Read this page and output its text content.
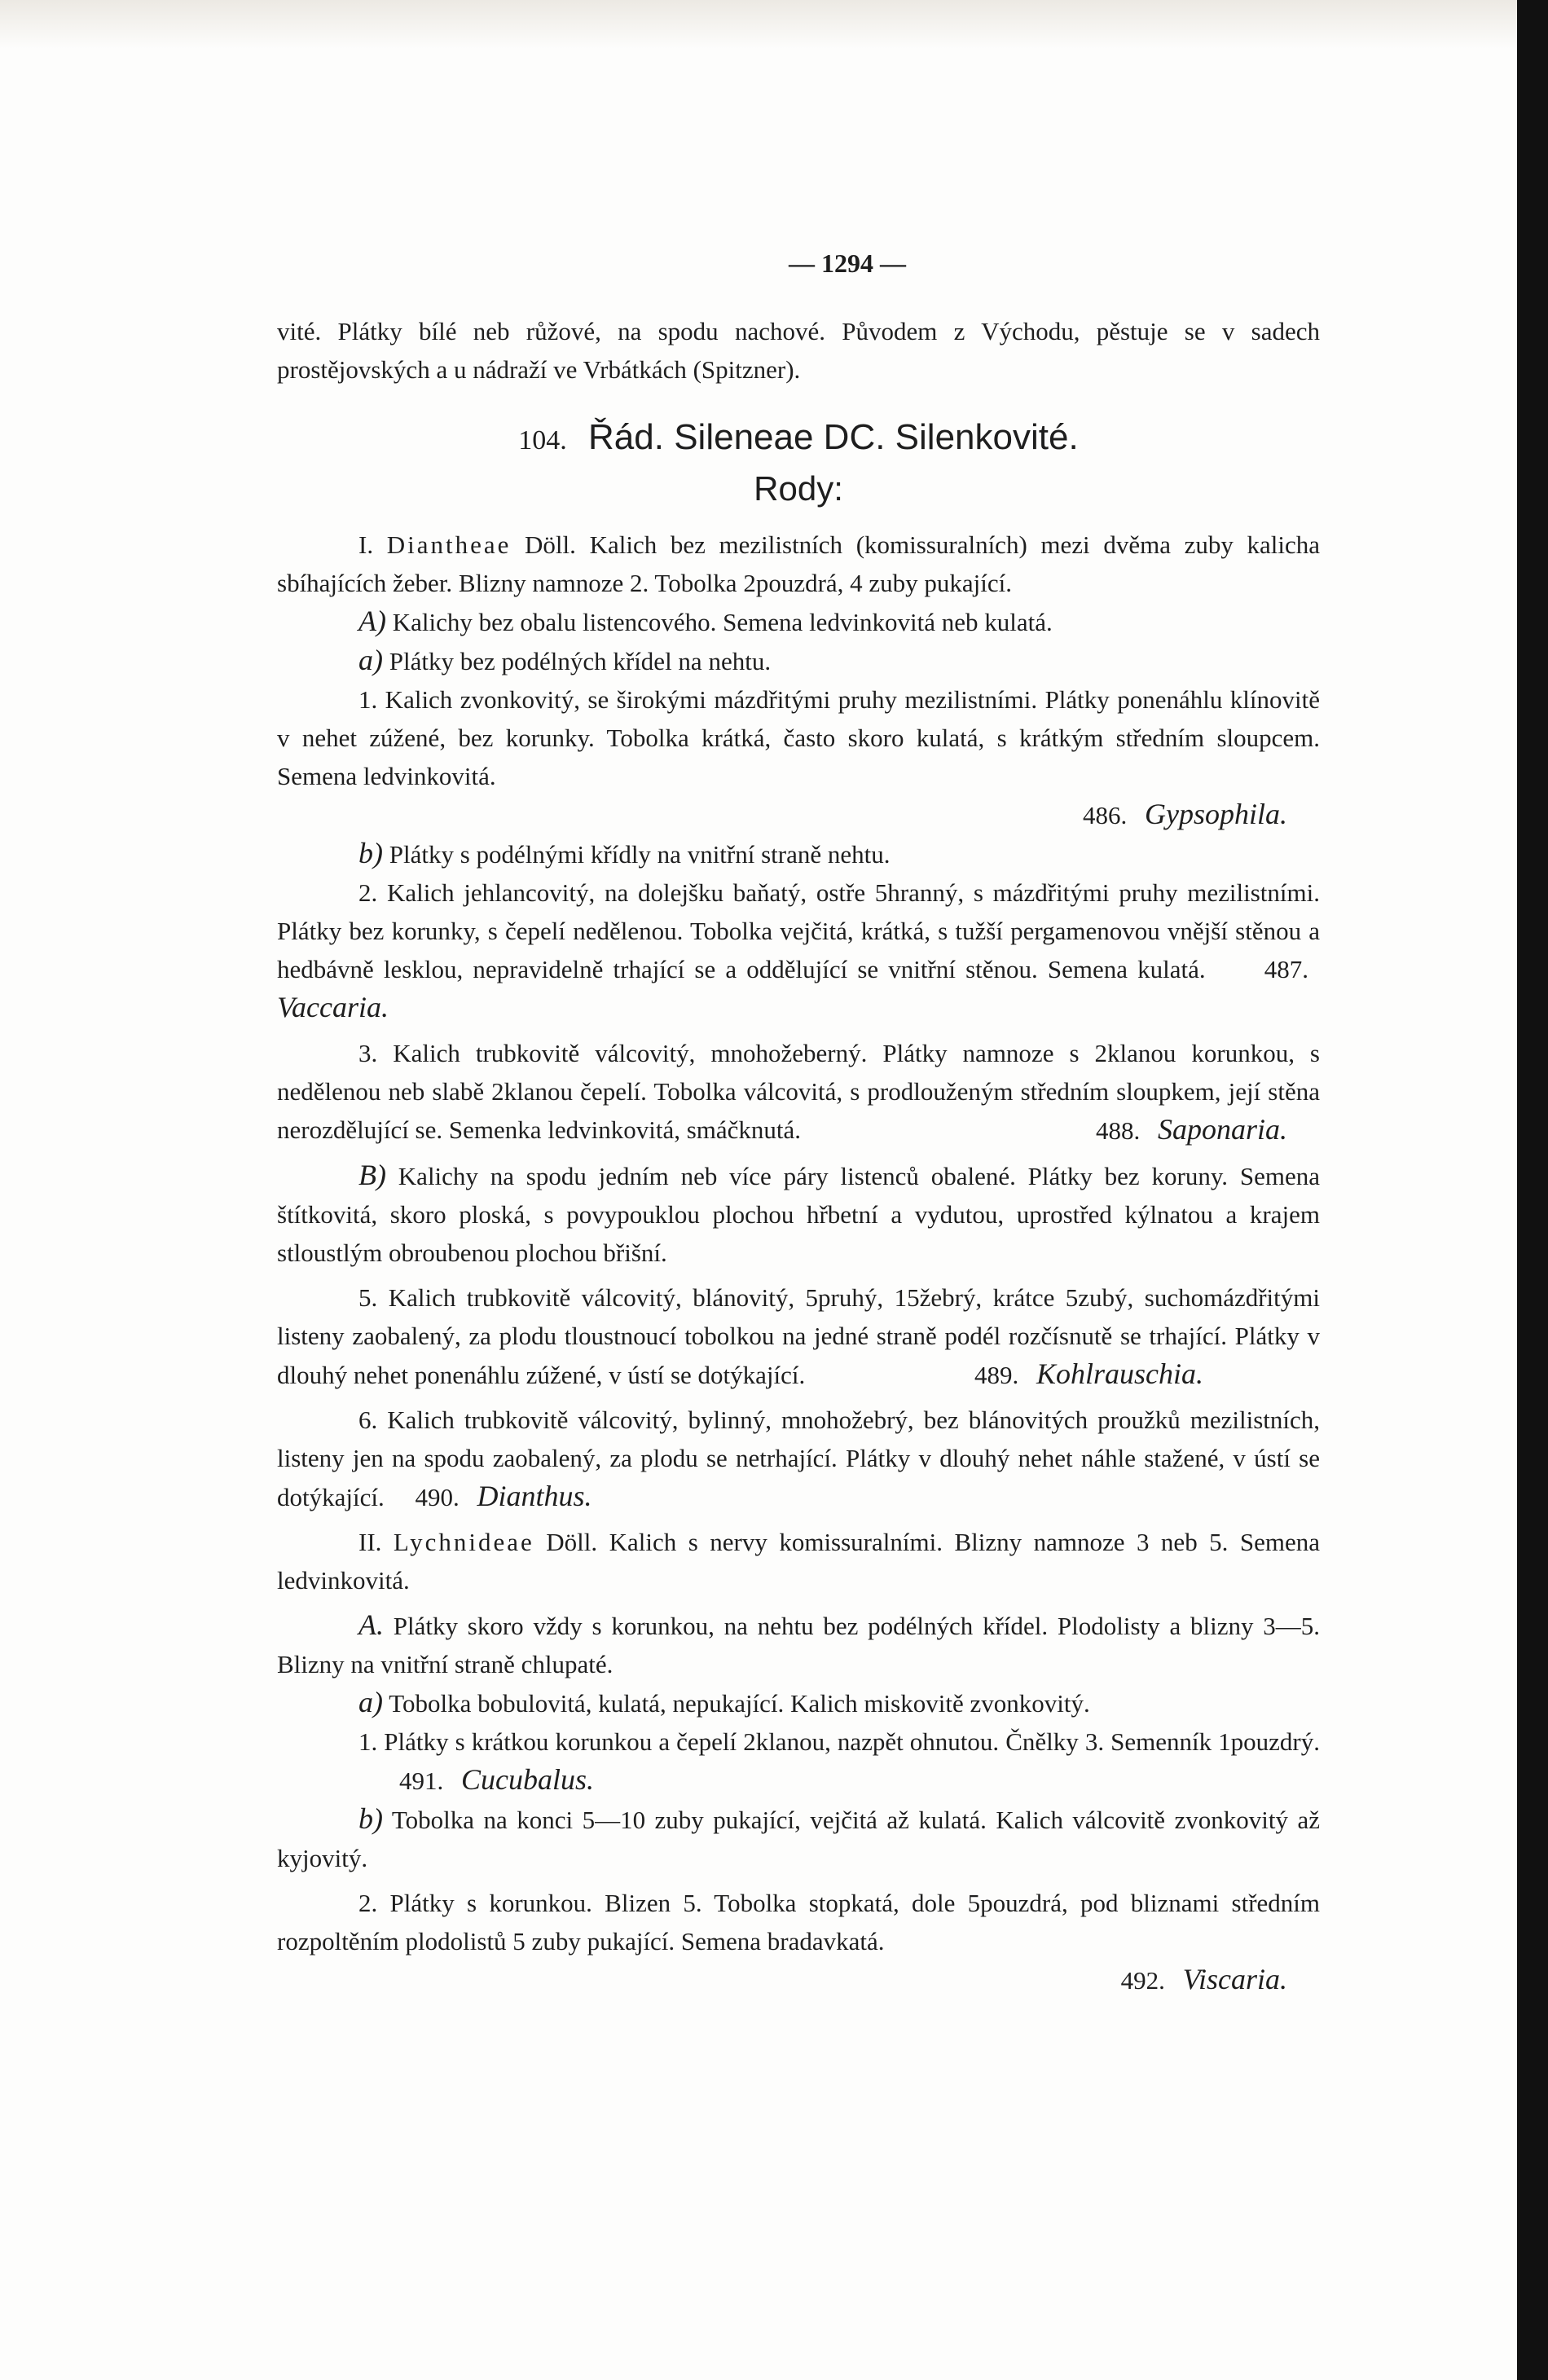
— 1294 —

vité. Plátky bílé neb růžové, na spodu nachové. Původem z Východu, pěstuje se v sadech prostějovských a u nádraží ve Vrbátkách (Spitzner).

104. Řád. Sileneae DC. Silenkovité.
Rody:

I. Diantheae Döll. Kalich bez mezilistních (komissuralních) mezi dvěma zuby kalicha sbíhajících žeber. Blizny namnoze 2. Tobolka 2pouzdrá, 4 zuby pukající.

A) Kalichy bez obalu listencového. Semena ledvinkovitá neb kulatá.

a) Plátky bez podélných křídel na nehtu.

1. Kalich zvonkovitý, se širokými mázdřitými pruhy mezilistními. Plátky ponenáhlu klínovitě v nehet zúžené, bez korunky. Tobolka krátká, často skoro kulatá, s krátkým středním sloupcem. Semena ledvinkovitá.

486. Gypsophila.

b) Plátky s podélnými křídly na vnitřní straně nehtu.

2. Kalich jehlancovitý, na dolejšku baňatý, ostře 5hranný, s mázdřitými pruhy mezilistními. Plátky bez korunky, s čepelí nedělenou. Tobolka vejčitá, krátká, s tužší pergamenovou vnější stěnou a hedbávně lesklou, nepravidelně trhající se a oddělující se vnitřní stěnou. Semena kulatá. 487. Vaccaria.

3. Kalich trubkovitě válcovitý, mnohožeberný. Plátky namnoze s 2klanou korunkou, s nedělenou neb slabě 2klanou čepelí. Tobolka válcovitá, s prodlouženým středním sloupkem, její stěna nerozdělující se. Semenka ledvinkovitá, smáčknutá.	488. Saponaria.

B) Kalichy na spodu jedním neb více páry listenců obalené. Plátky bez koruny. Semena štítkovitá, skoro ploská, s povypouklou plochou hřbetní a vydutou, uprostřed kýlnatou a krajem stloustlým obroubenou plochou břišní.

5. Kalich trubkovitě válcovitý, blánovitý, 5pruhý, 15žebrý, krátce 5zubý, suchomázdřitými listeny zaobalený, za plodu tloustnoucí tobolkou na jedné straně podél rozčísnutě se trhající. Plátky v dlouhý nehet ponenáhlu zúžené, v ústí se dotýkající.	489. Kohlrauschia.

6. Kalich trubkovitě válcovitý, bylinný, mnohožebrý, bez blánovitých proužků mezilistních, listeny jen na spodu zaobalený, za plodu se netrhající. Plátky v dlouhý nehet náhle stažené, v ústí se dotýkající. 490. Dianthus.

II. Lychnideae Döll. Kalich s nervy komissuralními. Blizny namnoze 3 neb 5. Semena ledvinkovitá.

A. Plátky skoro vždy s korunkou, na nehtu bez podélných křídel. Plodolisty a blizny 3—5. Blizny na vnitřní straně chlupaté.

a) Tobolka bobulovitá, kulatá, nepukající. Kalich miskovitě zvonkovitý.

1. Plátky s krátkou korunkou a čepelí 2klanou, nazpět ohnutou. Čnělky 3. Semenník 1pouzdrý. 491. Cucubalus.

b) Tobolka na konci 5—10 zuby pukající, vejčitá až kulatá. Kalich válcovitě zvonkovitý až kyjovitý.

2. Plátky s korunkou. Blizen 5. Tobolka stopkatá, dole 5pouzdrá, pod bliznami středním rozpoltěním plodolistů 5 zuby pukající. Semena bradavkatá.

492. Viscaria.
